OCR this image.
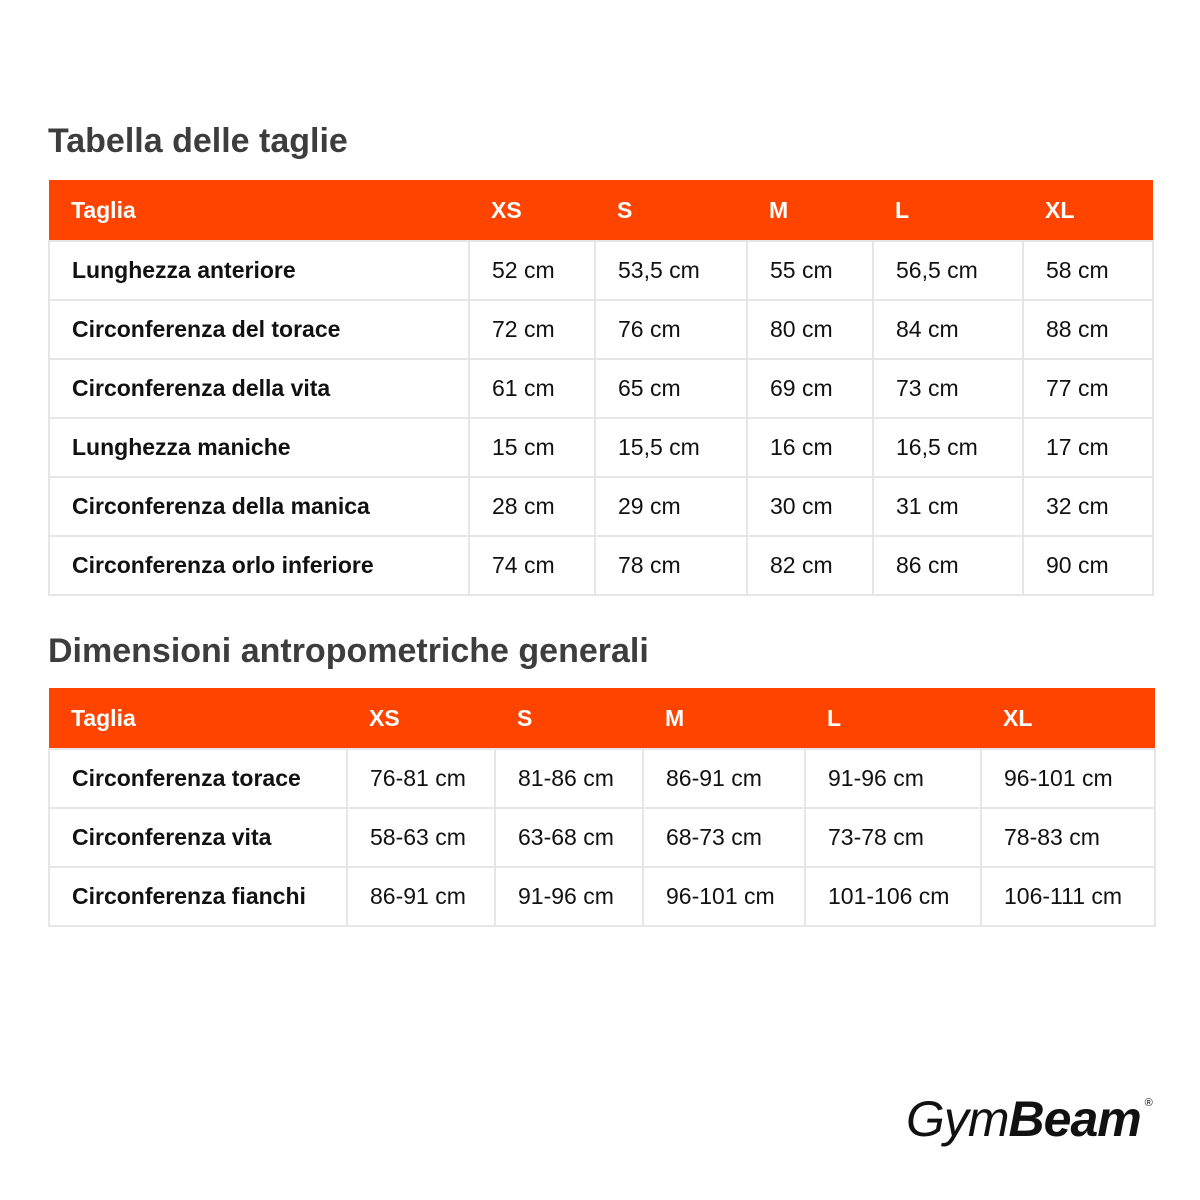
Tabella delle taglie
Taglia	XS	S	M	L	XL
Lunghezza anteriore	52 cm	53,5 cm	55 cm	56,5 cm	58 cm
Circonferenza del torace	72 cm	76 cm	80 cm	84 cm	88 cm
Circonferenza della vita	61 cm	65 cm	69 cm	73 cm	77 cm
Lunghezza maniche	15 cm	15,5 cm	16 cm	16,5 cm	17 cm
Circonferenza della manica	28 cm	29 cm	30 cm	31 cm	32 cm
Circonferenza orlo inferiore	74 cm	78 cm	82 cm	86 cm	90 cm
Dimensioni antropometriche generali
Taglia	XS	S	M	L	XL
Circonferenza torace	76-81 cm	81-86 cm	86-91 cm	91-96 cm	96-101 cm
Circonferenza vita	58-63 cm	63-68 cm	68-73 cm	73-78 cm	78-83 cm
Circonferenza fianchi	86-91 cm	91-96 cm	96-101 cm	101-106 cm	106-111 cm
GymBeam ®
